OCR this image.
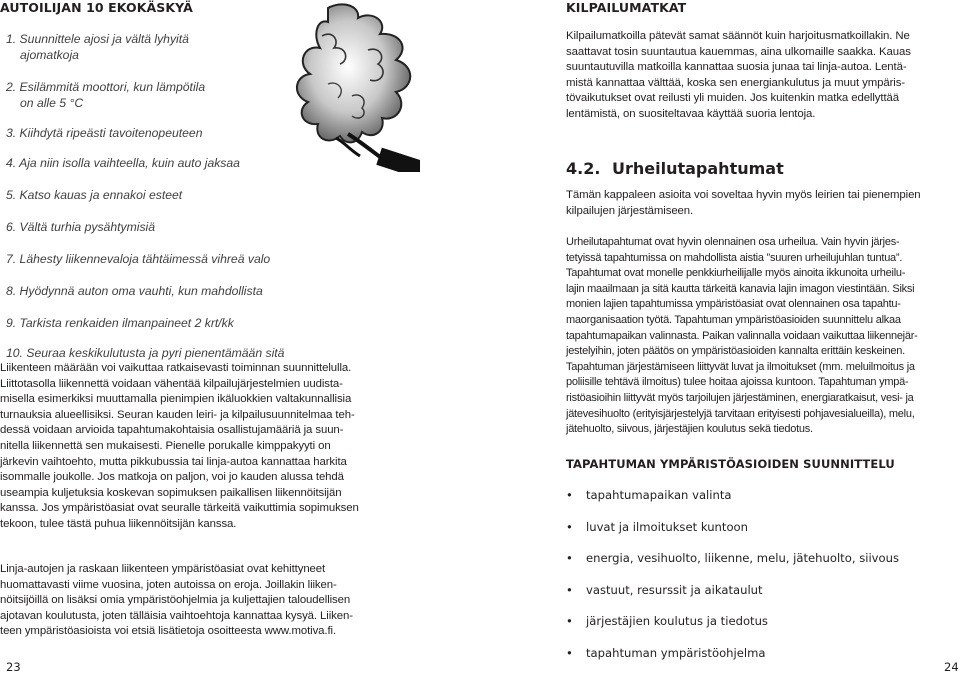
AUTOILIJAN 10 EKOKÄSKYÄ
1. Suunnittele ajosi ja vältä lyhyitä
ajomatkoja
2. Esilämmitä moottori, kun lämpötila
on alle 5 °C
3. Kiihdytä ripeästi tavoitenopeuteen
4. Aja niin isolla vaihteella, kuin auto jaksaa
5. Katso kauas ja ennakoi esteet
6. Vältä turhia pysähtymisiä
7. Lähesty liikennevaloja tähtäimessä vihreä valo
8. Hyödynnä auton oma vauhti, kun mahdollista
9. Tarkista renkaiden ilmanpaineet 2 krt/kk
10. Seuraa keskikulutusta ja pyri pienentämään sitä
Liikenteen määrään voi vaikuttaa ratkaisevasti toiminnan suunnittelulla.
Liittotasolla liikennettä voidaan vähentää kilpailujärjestelmien uudista-
misella esimerkiksi muuttamalla pienimpien ikäluokkien valtakunnallisia
turnauksia alueellisiksi. Seuran kauden leiri- ja kilpailusuunnitelmaa teh-
dessä voidaan arvioida tapahtumakohtaisia osallistujamääriä ja suun-
nitella liikennettä sen mukaisesti. Pienelle porukalle kimppakyyti on
järkevin vaihtoehto, mutta pikkubussia tai linja-autoa kannattaa harkita
isommalle joukolle. Jos matkoja on paljon, voi jo kauden alussa tehdä
useampia kuljetuksia koskevan sopimuksen paikallisen liikennöitsijän
kanssa. Jos ympäristöasiat ovat seuralle tärkeitä vaikuttimia sopimuksen
tekoon, tulee tästä puhua liikennöitsijän kanssa.
Linja-autojen ja raskaan liikenteen ympäristöasiat ovat kehittyneet
huomattavasti viime vuosina, joten autoissa on eroja. Joillakin liiken-
nöitsijöillä on lisäksi omia ympäristöohjelmia ja kuljettajien taloudellisen
ajotavan koulutusta, joten tälläisia vaihtoehtoja kannattaa kysyä. Liiken-
teen ympäristöasioista voi etsiä lisätietoja osoitteesta www.motiva.fi.
23
KILPAILUMATKAT
Kilpailumatkoilla pätevät samat säännöt kuin harjoitusmatkoillakin. Ne
saattavat tosin suuntautua kauemmas, aina ulkomaille saakka. Kauas
suuntautuvilla matkoilla kannattaa suosia junaa tai linja-autoa. Lentä-
mistä kannattaa välttää, koska sen energiankulutus ja muut ympäris-
tövaikutukset ovat reilusti yli muiden. Jos kuitenkin matka edellyttää
lentämistä, on suositeltavaa käyttää suoria lentoja.
4.2. Urheilutapahtumat
Tämän kappaleen asioita voi soveltaa hyvin myös leirien tai pienempien
kilpailujen järjestämiseen.
Urheilutapahtumat ovat hyvin olennainen osa urheilua. Vain hyvin järjes-
tetyissä tapahtumissa on mahdollista aistia ”suuren urheilujuhlan tuntua”.
Tapahtumat ovat monelle penkkiurheilijalle myös ainoita ikkunoita urheilu-
lajin maailmaan ja sitä kautta tärkeitä kanavia lajin imagon viestintään. Siksi
monien lajien tapahtumissa ympäristöasiat ovat olennainen osa tapahtu-
maorganisaation työtä. Tapahtuman ympäristöasioiden suunnittelu alkaa
tapahtumapaikan valinnasta. Paikan valinnalla voidaan vaikuttaa liikennejär-
jestelyihin, joten päätös on ympäristöasioiden kannalta erittäin keskeinen.
Tapahtuman järjestämiseen liittyvät luvat ja ilmoitukset (mm. meluilmoitus ja
poliisille tehtävä ilmoitus) tulee hoitaa ajoissa kuntoon. Tapahtuman ympä-
ristöasioihin liittyvät myös tarjoilujen järjestäminen, energiaratkaisut, vesi- ja
jätevesihuolto (erityisjärjestelyjä tarvitaan erityisesti pohjavesialueilla), melu,
jätehuolto, siivous, järjestäjien koulutus sekä tiedotus.
TAPAHTUMAN YMPÄRISTÖASIOIDEN SUUNNITTELU
• tapahtumapaikan valinta
• luvat ja ilmoitukset kuntoon
• energia, vesihuolto, liikenne, melu, jätehuolto, siivous
• vastuut, resurssit ja aikataulut
• järjestäjien koulutus ja tiedotus
• tapahtuman ympäristöohjelma
24
